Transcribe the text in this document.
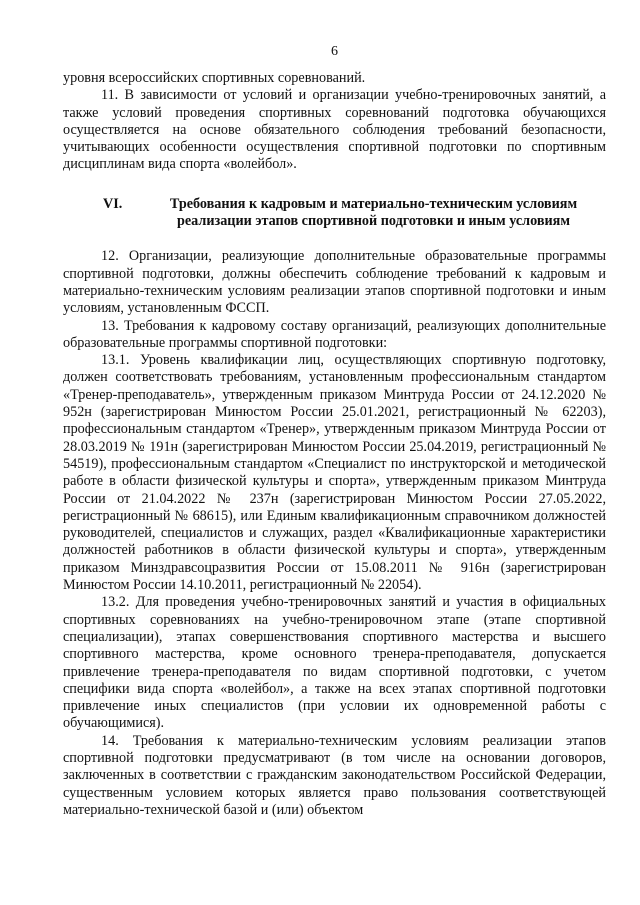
6

уровня всероссийских спортивных соревнований.

11. В зависимости от условий и организации учебно-тренировочных занятий, а также условий проведения спортивных соревнований подготовка обучающихся осуществляется на основе обязательного соблюдения требований безопасности, учитывающих особенности осуществления спортивной подготовки по спортивным дисциплинам вида спорта «волейбол».

VI.	Требования к кадровым и материально-техническим условиям реализации этапов спортивной подготовки и иным условиям

12. Организации, реализующие дополнительные образовательные программы спортивной подготовки, должны обеспечить соблюдение требований к кадровым и материально-техническим условиям реализации этапов спортивной подготовки и иным условиям, установленным ФССП.

13. Требования к кадровому составу организаций, реализующих дополнительные образовательные программы спортивной подготовки:

13.1. Уровень квалификации лиц, осуществляющих спортивную подготовку, должен соответствовать требованиям, установленным профессиональным стандартом «Тренер-преподаватель», утвержденным приказом Минтруда России от 24.12.2020 № 952н (зарегистрирован Минюстом России 25.01.2021, регистрационный № 62203), профессиональным стандартом «Тренер», утвержденным приказом Минтруда России от 28.03.2019 № 191н (зарегистрирован Минюстом России 25.04.2019, регистрационный № 54519), профессиональным стандартом «Специалист по инструкторской и методической работе в области физической культуры и спорта», утвержденным приказом Минтруда России от 21.04.2022 № 237н (зарегистрирован Минюстом России 27.05.2022, регистрационный № 68615), или Единым квалификационным справочником должностей руководителей, специалистов и служащих, раздел «Квалификационные характеристики должностей работников в области физической культуры и спорта», утвержденным приказом Минздравсоцразвития России от 15.08.2011 № 916н (зарегистрирован Минюстом России 14.10.2011, регистрационный № 22054).

13.2. Для проведения учебно-тренировочных занятий и участия в официальных спортивных соревнованиях на учебно-тренировочном этапе (этапе спортивной специализации), этапах совершенствования спортивного мастерства и высшего спортивного мастерства, кроме основного тренера-преподавателя, допускается привлечение тренера-преподавателя по видам спортивной подготовки, с учетом специфики вида спорта «волейбол», а также на всех этапах спортивной подготовки привлечение иных специалистов (при условии их одновременной работы с обучающимися).

14. Требования к материально-техническим условиям реализации этапов спортивной подготовки предусматривают (в том числе на основании договоров, заключенных в соответствии с гражданским законодательством Российской Федерации, существенным условием которых является право пользования соответствующей материально-технической базой и (или) объектом
